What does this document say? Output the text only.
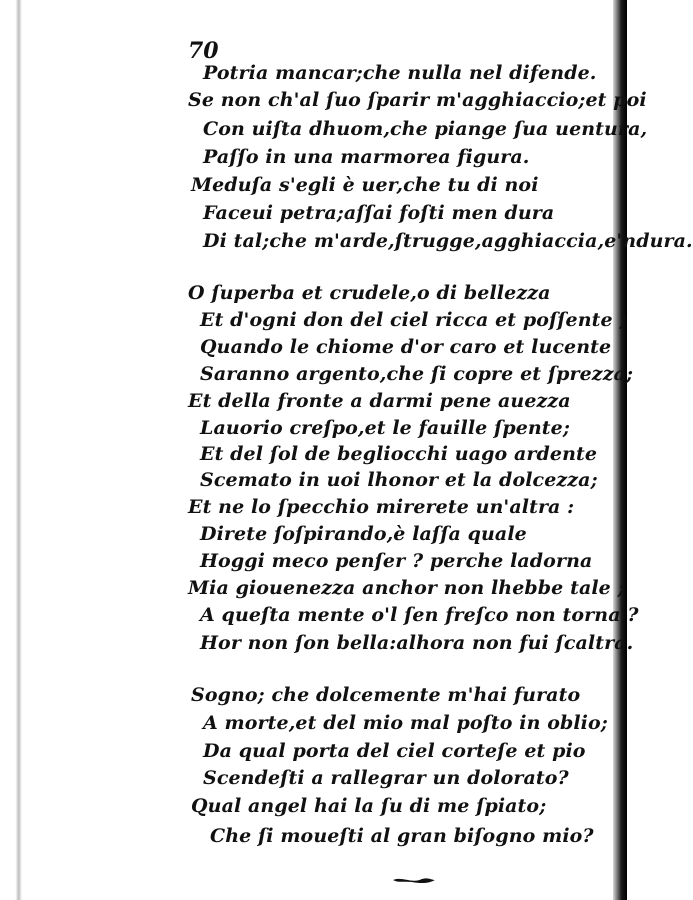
70
Potria mancar;che nulla nel difende.
Se non ch'al ſuo ſparir m'agghiaccio;et poi
Con uiſta dhuom,che piange ſua uentura,
Paſſo in una marmorea figura.
Meduſa s'egli è uer,che tu di noi
Faceui petra;aſſai foſti men dura
Di tal;che m'arde,ſtrugge,agghiaccia,e'ndura.
O ſuperba et crudele,o di bellezza
Et d'ogni don del ciel ricca et poſſente ;
Quando le chiome d'or caro et lucente
Saranno argento,che ſi copre et ſprezza;
Et della fronte a darmi pene auezza
Lauorio creſpo,et le fauille ſpente;
Et del ſol de begliocchi uago ardente
Scemato in uoi lhonor et la dolcezza;
Et ne lo ſpecchio mirerete un'altra :
Direte ſoſpirando,è laſſa quale
Hoggi meco penſer ? perche ladorna
Mia giouenezza anchor non lhebbe tale ;
A queſta mente o'l ſen freſco non torna ?
Hor non ſon bella:alhora non fui ſcaltra.
Sogno; che dolcemente m'hai furato
A morte,et del mio mal poſto in oblio;
Da qual porta del ciel corteſe et pio
Scendeſti a rallegrar un dolorato?
Qual angel hai la ſu di me ſpiato;
Che ſi moueſti al gran biſogno mio?
